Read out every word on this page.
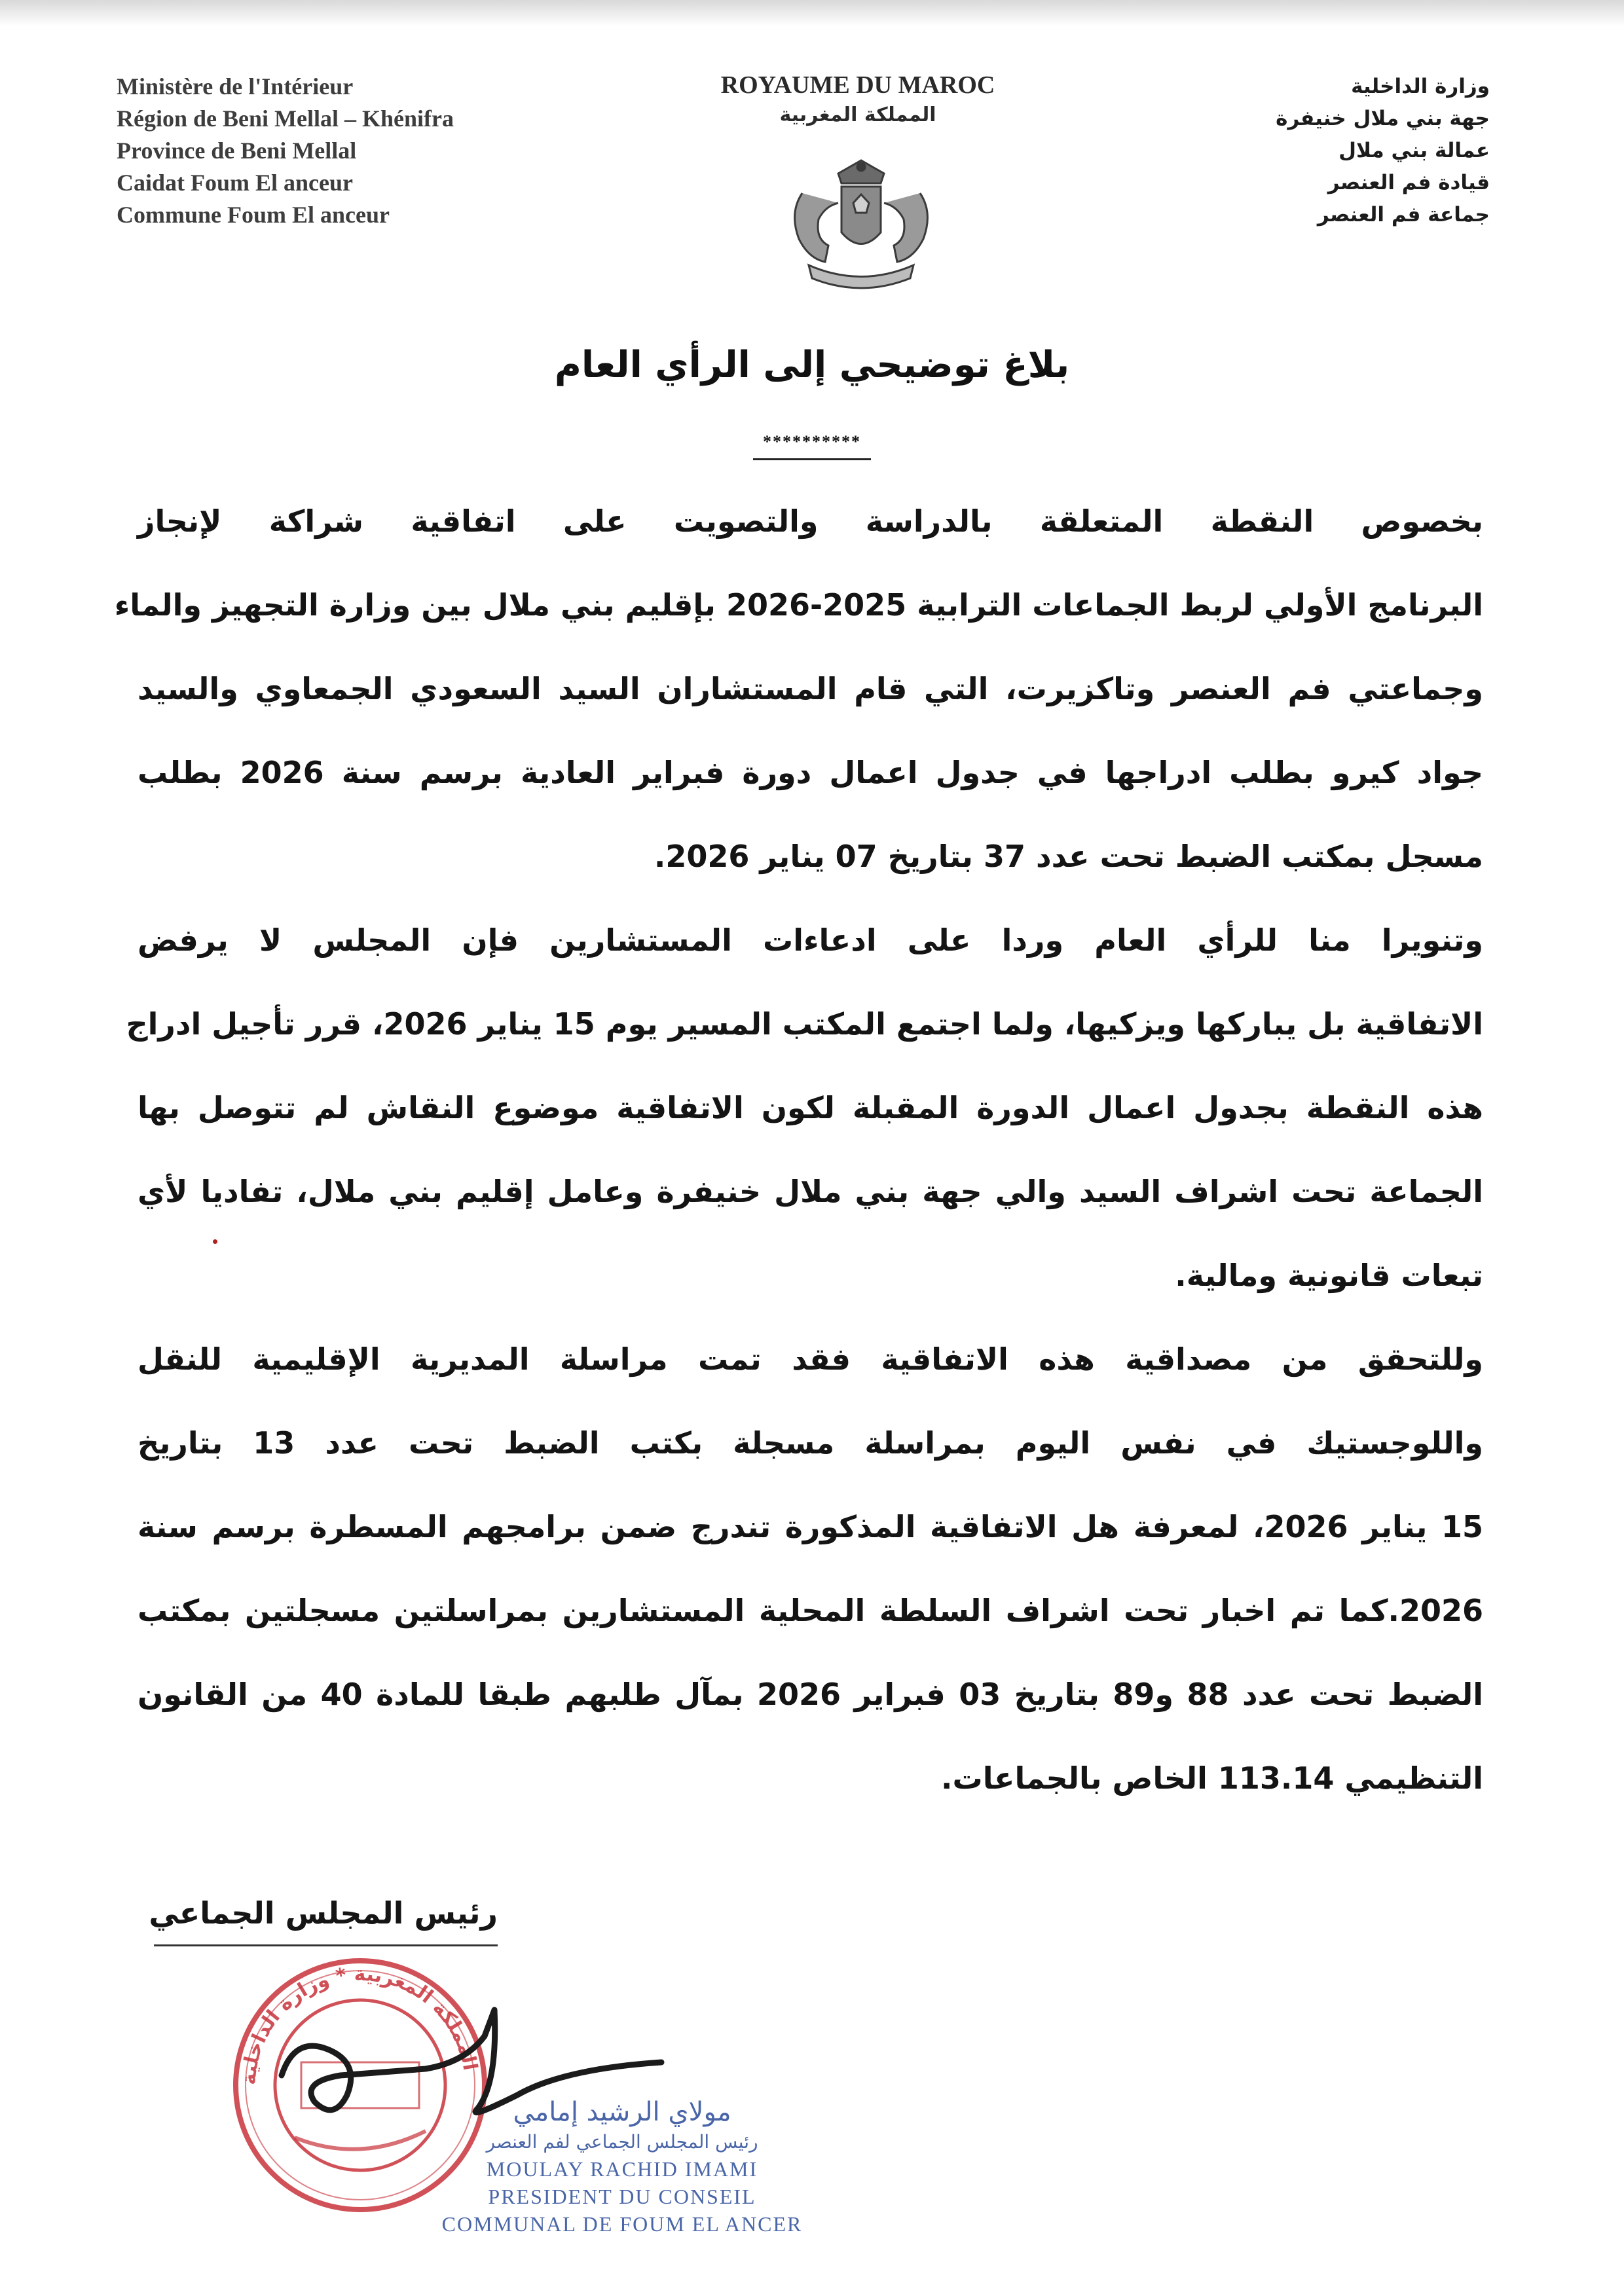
Ministère de l'Intérieur
Région de Beni Mellal – Khénifra
Province de Beni Mellal
Caidat Foum El anceur
Commune Foum El anceur
ROYAUME DU MAROC
المملكة المغربية
وزارة الداخلية
جهة بني ملال خنيفرة
عمالة بني ملال
قيادة فم العنصر
جماعة فم العنصر
بلاغ توضيحي إلى الرأي العام
**********
بخصوص النقطة المتعلقة بالدراسة والتصويت على اتفاقية شراكة لإنجاز
البرنامج الأولي لربط الجماعات الترابية 2025-2026 بإقليم بني ملال بين وزارة التجهيز والماء
وجماعتي فم العنصر وتاكزيرت، التي قام المستشاران السيد السعودي الجمعاوي والسيد
جواد كيرو بطلب ادراجها في جدول اعمال دورة فبراير العادية برسم سنة 2026 بطلب
مسجل بمكتب الضبط تحت عدد 37 بتاريخ 07 يناير 2026.
وتنويرا منا للرأي العام وردا على ادعاءات المستشارين فإن المجلس لا يرفض
الاتفاقية بل يباركها ويزكيها، ولما اجتمع المكتب المسير يوم 15 يناير 2026، قرر تأجيل ادراج
هذه النقطة بجدول اعمال الدورة المقبلة لكون الاتفاقية موضوع النقاش لم تتوصل بها
الجماعة تحت اشراف السيد والي جهة بني ملال خنيفرة وعامل إقليم بني ملال، تفاديا لأي
تبعات قانونية ومالية.
وللتحقق من مصداقية هذه الاتفاقية فقد تمت مراسلة المديرية الإقليمية للنقل
واللوجستيك في نفس اليوم بمراسلة مسجلة بكتب الضبط تحت عدد 13 بتاريخ
15 يناير 2026، لمعرفة هل الاتفاقية المذكورة تندرج ضمن برامجهم المسطرة برسم سنة
2026.كما تم اخبار تحت اشراف السلطة المحلية المستشارين بمراسلتين مسجلتين بمكتب
الضبط تحت عدد 88 و89 بتاريخ 03 فبراير 2026 بمآل طلبهم طبقا للمادة 40 من القانون
التنظيمي 113.14 الخاص بالجماعات.
رئيس المجلس الجماعي
المملكة المغربية * وزارة الداخلية
مولاي الرشيد إمامي
رئيس المجلس الجماعي لفم العنصر
MOULAY RACHID IMAMI
PRESIDENT DU CONSEIL
COMMUNAL DE FOUM EL ANCER
